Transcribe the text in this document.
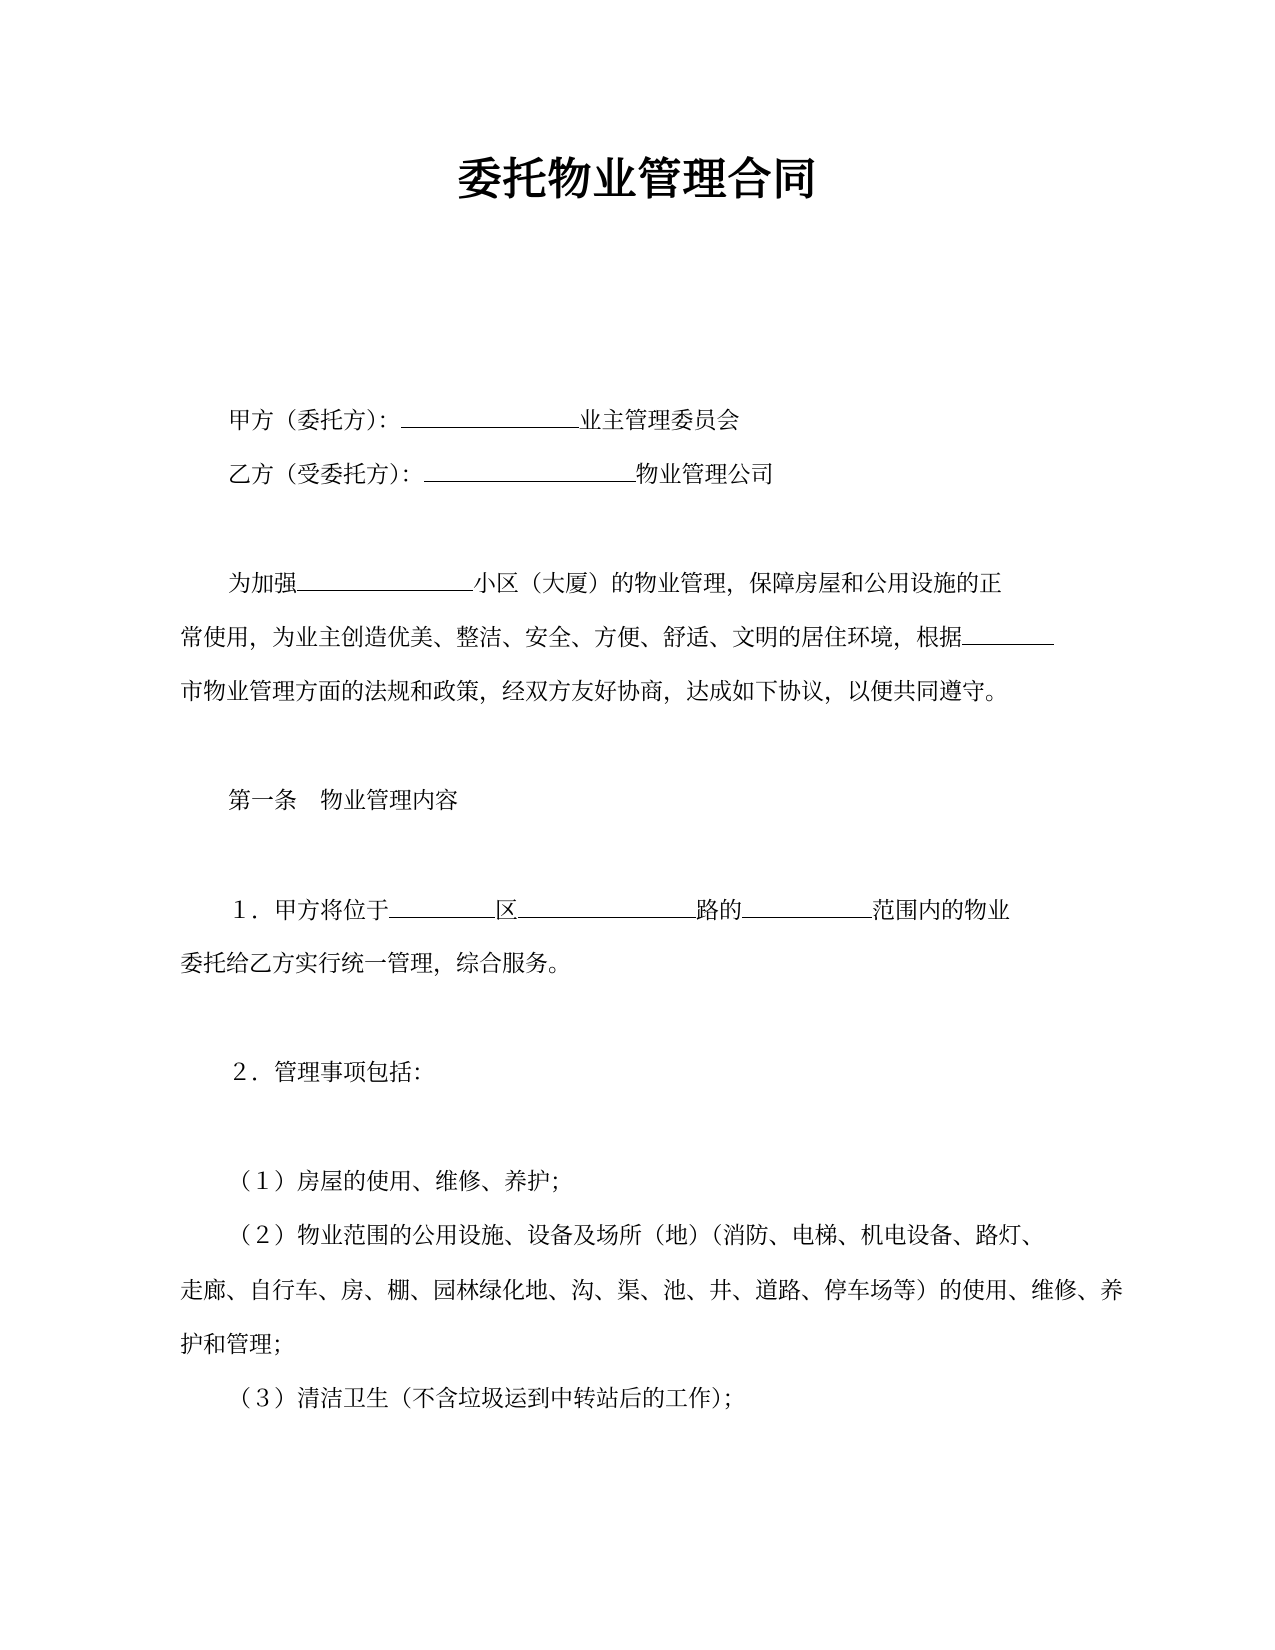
委托物业管理合同
甲方（委托方）：	业主管理委员会
乙方（受委托方）：	物业管理公司
为加强	小区（大厦）的物业管理，保障房屋和公用设施的正
常使用，为业主创造优美、整洁、安全、方便、舒适、文明的居住环境，根据
市物业管理方面的法规和政策，经双方友好协商，达成如下协议，以便共同遵守。
第一条　物业管理内容
１．甲方将位于	区	路的	范围内的物业
委托给乙方实行统一管理，综合服务。
２．管理事项包括：
（１）房屋的使用、维修、养护；
（２）物业范围的公用设施、设备及场所（地）（消防、电梯、机电设备、路灯、
走廊、自行车、房、棚、园林绿化地、沟、渠、池、井、道路、停车场等）的使用、维修、养
护和管理；
（３）清洁卫生（不含垃圾运到中转站后的工作）；
